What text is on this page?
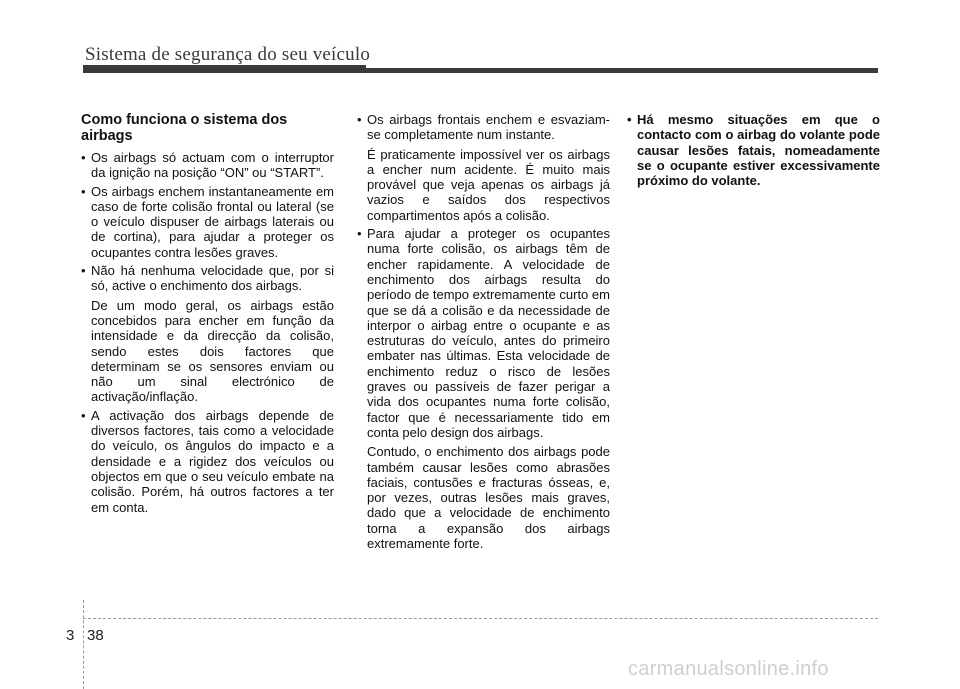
Sistema de segurança do seu veículo
Como funciona o sistema dos airbags
• Os airbags só actuam com o interruptor da ignição na posição “ON” ou “START”.
• Os airbags enchem instantaneamente em caso de forte colisão frontal ou lateral (se o veículo dispuser de airbags laterais ou de cortina), para ajudar a proteger os ocupantes contra lesões graves.
• Não há nenhuma velocidade que, por si só, active o enchimento dos airbags.
De um modo geral, os airbags estão concebidos para encher em função da intensidade e da direcção da colisão, sendo estes dois factores que determinam se os sensores enviam ou não um sinal electrónico de activação/inflação.
• A activação dos airbags depende de diversos factores, tais como a velocidade do veículo, os ângulos do impacto e a densidade e a rigidez dos veículos ou objectos em que o seu veículo embate na colisão. Porém, há outros factores a ter em conta.
• Os airbags frontais enchem e esvaziam-se completamente num instante.
É praticamente impossível ver os airbags a encher num acidente. É muito mais provável que veja apenas os airbags já vazios e saídos dos respectivos compartimentos após a colisão.
• Para ajudar a proteger os ocupantes numa forte colisão, os airbags têm de encher rapidamente. A velocidade de enchimento dos airbags resulta do período de tempo extremamente curto em que se dá a colisão e da necessidade de interpor o airbag entre o ocupante e as estruturas do veículo, antes do primeiro embater nas últimas. Esta velocidade de enchimento reduz o risco de lesões graves ou passíveis de fazer perigar a vida dos ocupantes numa forte colisão, factor que é necessariamente tido em conta pelo design dos airbags.
Contudo, o enchimento dos airbags pode também causar lesões como abrasões faciais, contusões e fracturas ósseas, e, por vezes, outras lesões mais graves, dado que a velocidade de enchimento torna a expansão dos airbags extremamente forte.
• Há mesmo situações em que o contacto com o airbag do volante pode causar lesões fatais, nomeadamente se o ocupante estiver excessivamente próximo do volante.
3 38
carmanualsonline.info
